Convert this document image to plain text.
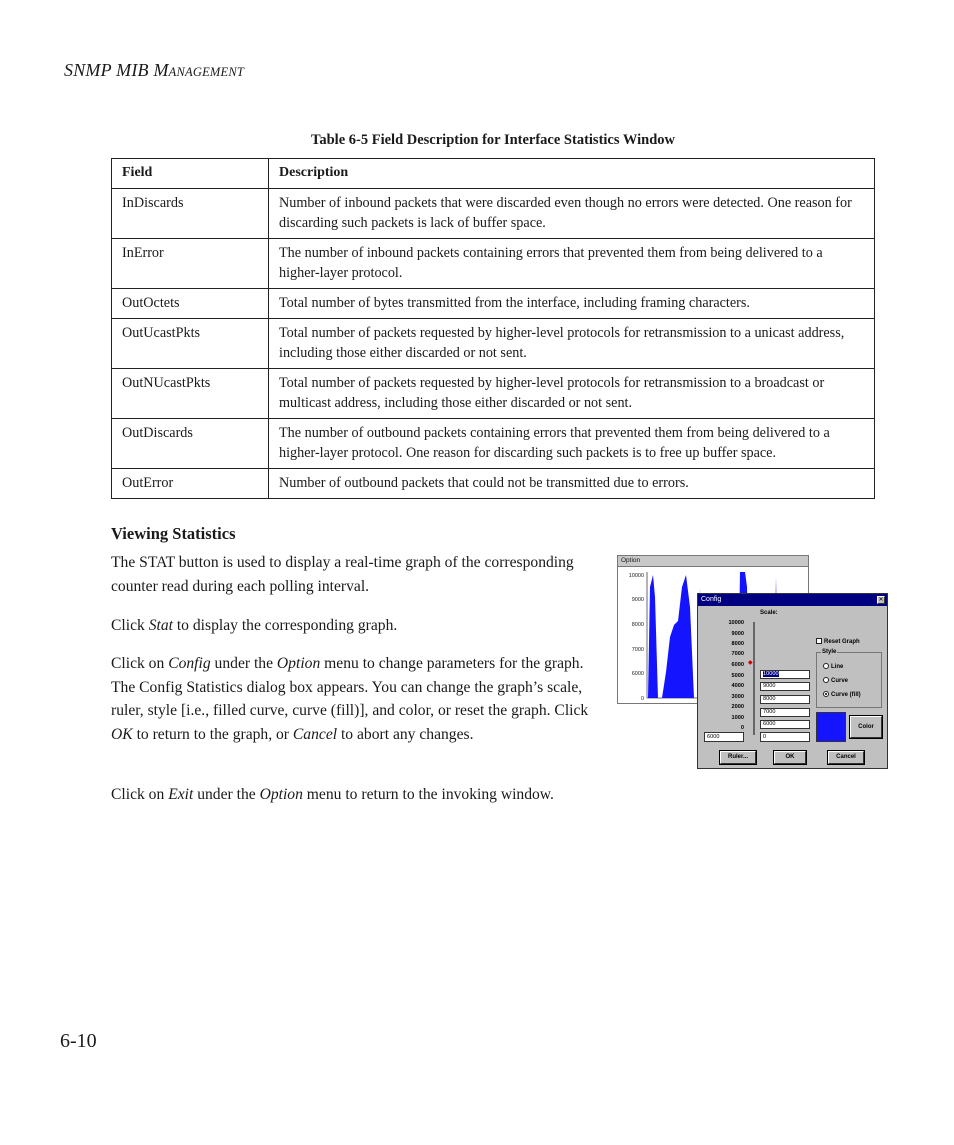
SNMP MIB MANAGEMENT
Table 6-5 Field Description for Interface Statistics Window
Field	Description
InDiscards	Number of inbound packets that were discarded even though no errors were detected. One reason for discarding such packets is lack of buffer space.
InError	The number of inbound packets containing errors that prevented them from being delivered to a higher-layer protocol.
OutOctets	Total number of bytes transmitted from the interface, including framing characters.
OutUcastPkts	Total number of packets requested by higher-level protocols for retransmission to a unicast address, including those either discarded or not sent.
OutNUcastPkts	Total number of packets requested by higher-level protocols for retransmission to a broadcast or multicast address, including those either discarded or not sent.
OutDiscards	The number of outbound packets containing errors that prevented them from being delivered to a higher-layer protocol. One reason for discarding such packets is to free up buffer space.
OutError	Number of outbound packets that could not be transmitted due to errors.
Viewing Statistics

The STAT button is used to display a real-time graph of the corresponding counter read during each polling interval.

Click Stat to display the corresponding graph.

Click on Config under the Option menu to change parameters for the graph. The Config Statistics dialog box appears. You can change the graph’s scale, ruler, style [i.e., filled curve, curve (fill)], and color, or reset the graph. Click OK to return to the graph, or Cancel to abort any changes.

Click on Exit under the Option menu to return to the invoking window.

Option
10000
9000
8000
7000
6000
0
Config	✕
Scale:
10000
9000
8000
7000
6000
5000
4000
3000
2000
1000
0
◆
10000
9000
8000
7000
6000
6000	0
Reset Graph
Style
Line
Curve
Curve (fill)
Color
Ruler...	OK	Cancel
6-10
